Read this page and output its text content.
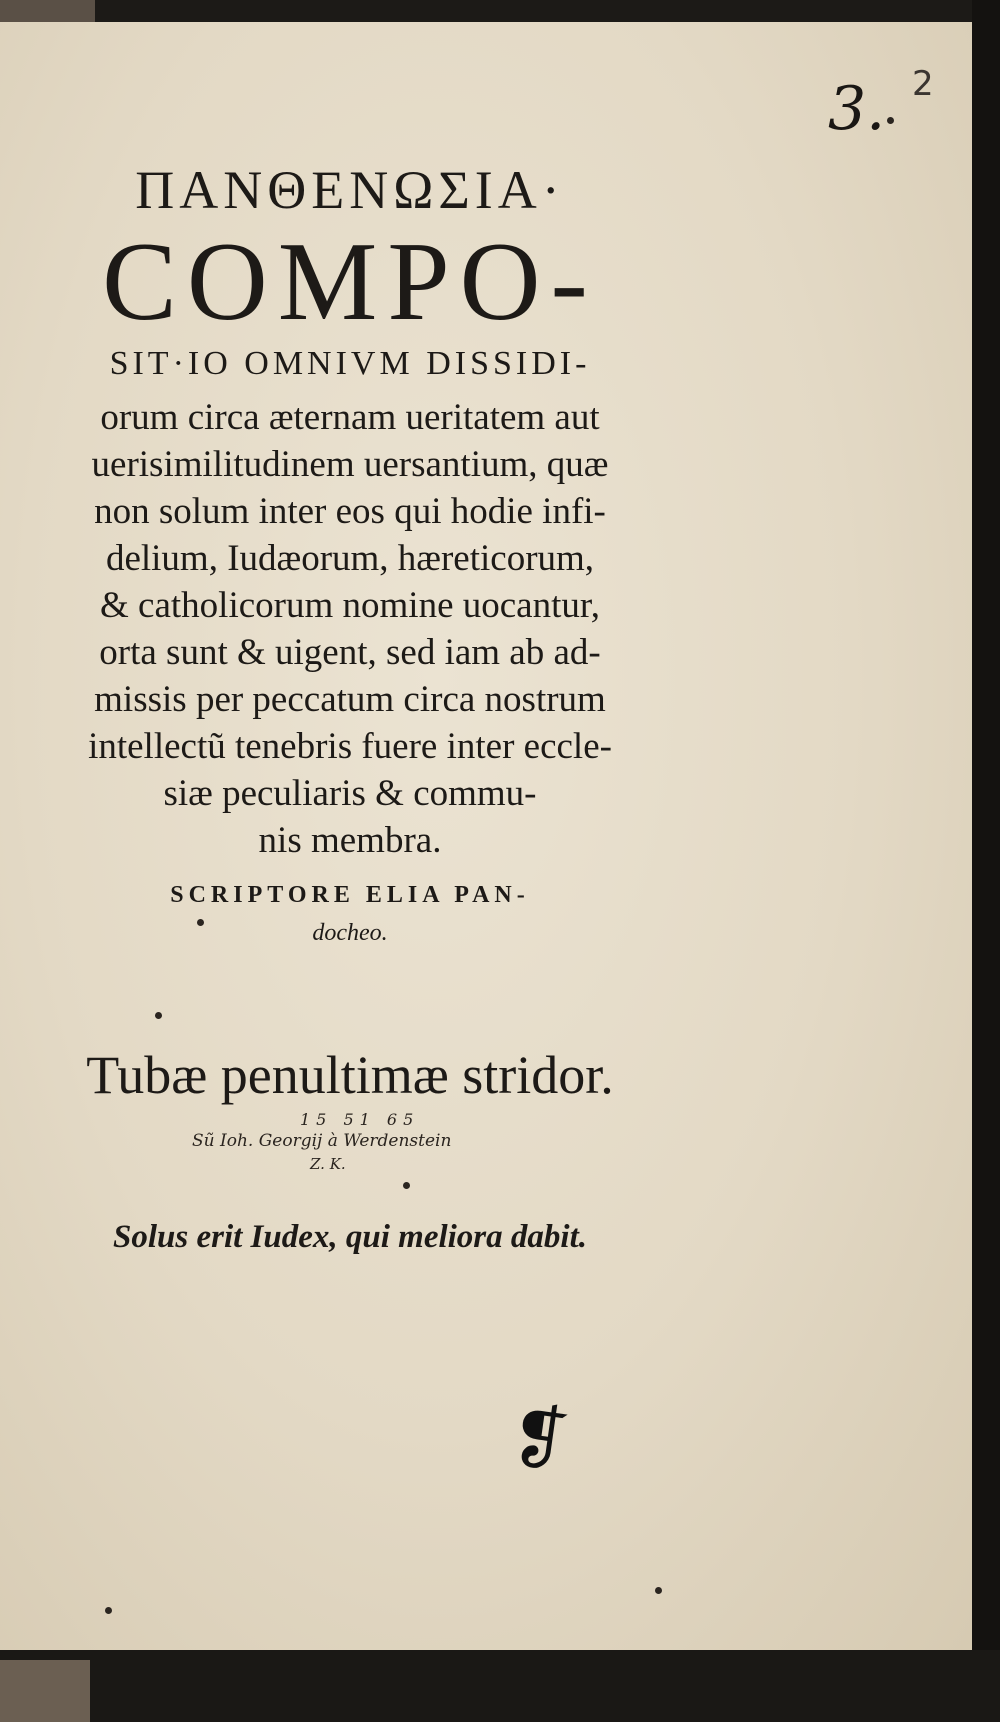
3. 2
ΠΑΝΘΕΝΩΣΙΑ·
COMPO-
SIT·IO OMNIVM DISSIDI-
orum circa æternam ueritatem aut
uerisimilitudinem uersantium, quæ
non solum inter eos qui hodie infi-
delium, Iudæorum, hæreticorum,
& catholicorum nomine uocantur,
orta sunt & uigent, sed iam ab ad-
missis per peccatum circa nostrum
intellectũ tenebris fuere inter eccle-
siæ peculiaris & commu-
nis membra.
SCRIPTORE ELIA PAN-
docheo.
Tubæ penultimæ stridor.
15 51 65
Sũ Ioh. Georgij à Werdenstein
Z. K.
Solus erit Iudex, qui meliora dabit.
❡
